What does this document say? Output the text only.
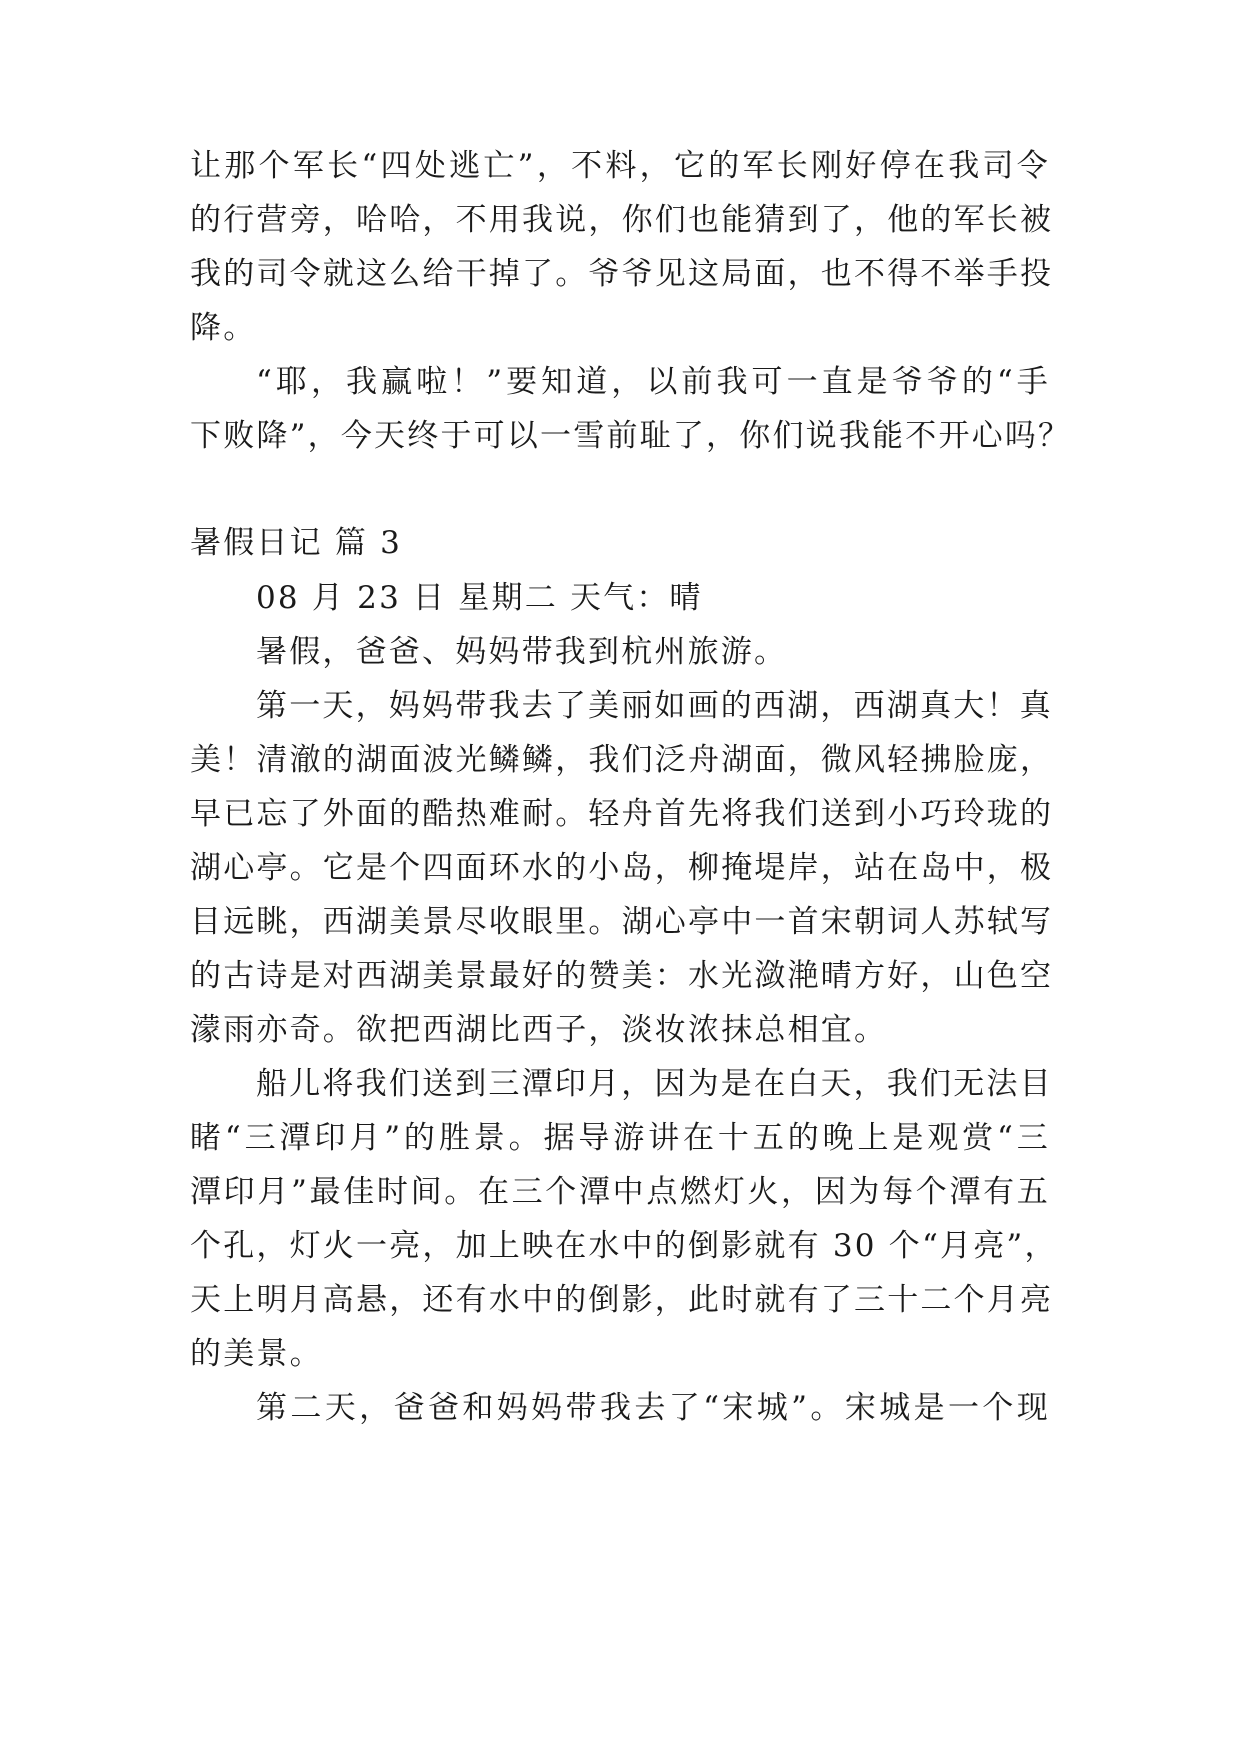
让那个军长“四处逃亡”，不料，它的军长刚好停在我司令
的行营旁，哈哈，不用我说，你们也能猜到了，他的军长被
我的司令就这么给干掉了。爷爷见这局面，也不得不举手投
降。
“耶，我赢啦！”要知道，以前我可一直是爷爷的“手
下败降”，今天终于可以一雪前耻了，你们说我能不开心吗？
暑假日记 篇 3
08 月 23 日 星期二 天气：晴
暑假，爸爸、妈妈带我到杭州旅游。
第一天，妈妈带我去了美丽如画的西湖，西湖真大！真
美！清澈的湖面波光鳞鳞，我们泛舟湖面，微风轻拂脸庞，
早已忘了外面的酷热难耐。轻舟首先将我们送到小巧玲珑的
湖心亭。它是个四面环水的小岛，柳掩堤岸，站在岛中，极
目远眺，西湖美景尽收眼里。湖心亭中一首宋朝词人苏轼写
的古诗是对西湖美景最好的赞美：水光潋滟晴方好，山色空
濛雨亦奇。欲把西湖比西子，淡妆浓抹总相宜。
船儿将我们送到三潭印月，因为是在白天，我们无法目
睹“三潭印月”的胜景。据导游讲在十五的晚上是观赏“三
潭印月”最佳时间。在三个潭中点燃灯火，因为每个潭有五
个孔，灯火一亮，加上映在水中的倒影就有 30 个“月亮”，
天上明月高悬，还有水中的倒影，此时就有了三十二个月亮
的美景。
第二天，爸爸和妈妈带我去了“宋城”。宋城是一个现
